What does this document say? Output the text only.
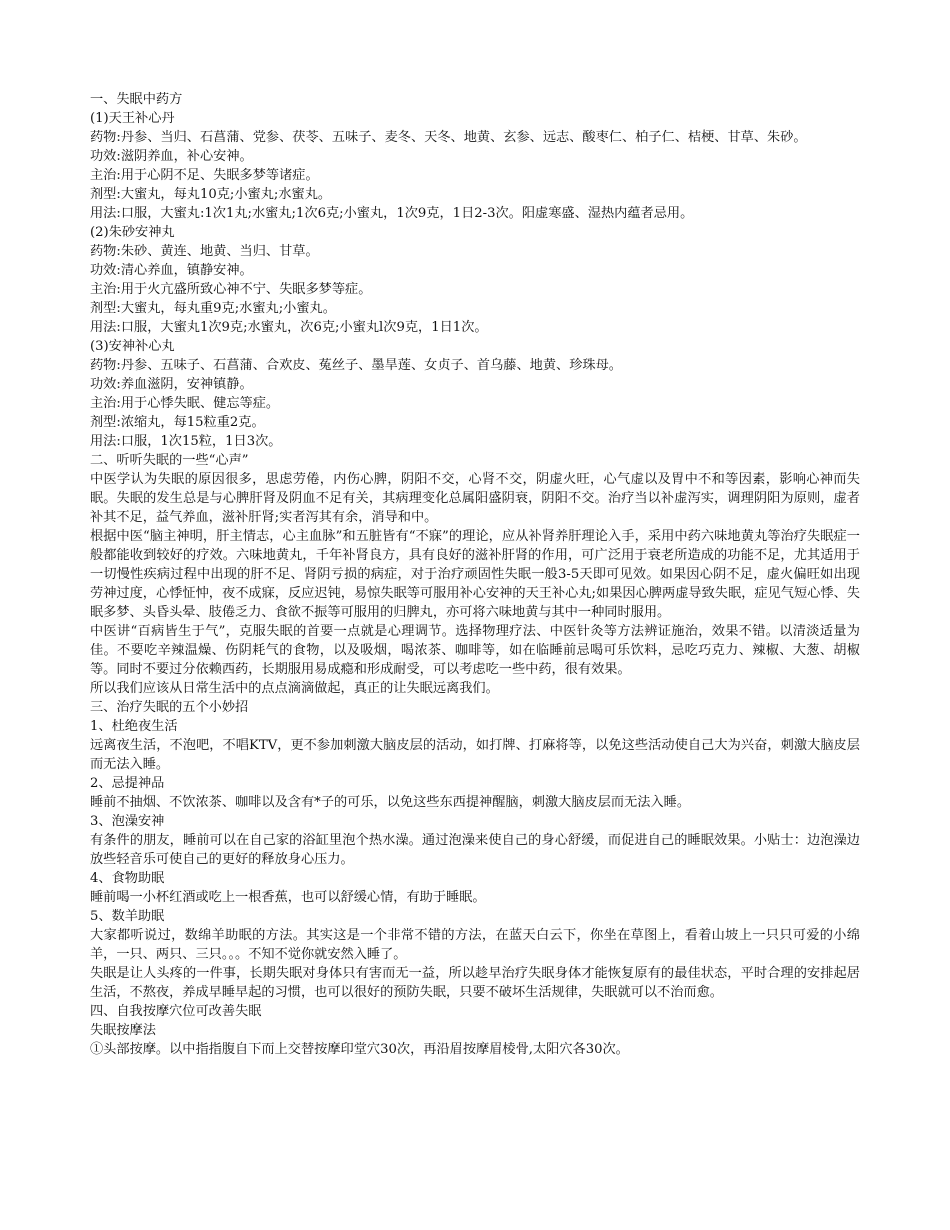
一、失眠中药方

(1)天王补心丹

药物:丹参、当归、石菖蒲、党参、茯苓、五味子、麦冬、天冬、地黄、玄参、远志、酸枣仁、柏子仁、桔梗、甘草、朱砂。

功效:滋阴养血，补心安神。

主治:用于心阴不足、失眠多梦等诸症。

剂型:大蜜丸，每丸10克;小蜜丸;水蜜丸。

用法:口服，大蜜丸:1次1丸;水蜜丸;1次6克;小蜜丸，1次9克，1日2-3次。阳虚寒盛、湿热内蕴者忌用。

(2)朱砂安神丸

药物:朱砂、黄连、地黄、当归、甘草。

功效:清心养血，镇静安神。

主治:用于火亢盛所致心神不宁、失眠多梦等症。

剂型:大蜜丸，每丸重9克;水蜜丸;小蜜丸。

用法:口服，大蜜丸1次9克;水蜜丸，次6克;小蜜丸l次9克，1日1次。

(3)安神补心丸

药物:丹参、五味子、石菖蒲、合欢皮、菟丝子、墨旱莲、女贞子、首乌藤、地黄、珍珠母。

功效:养血滋阴，安神镇静。

主治:用于心悸失眠、健忘等症。

剂型:浓缩丸，每15粒重2克。

用法:口服，1次15粒，1日3次。

二、听听失眠的一些“心声”

中医学认为失眠的原因很多，思虑劳倦，内伤心脾，阴阳不交，心肾不交，阴虚火旺，心气虚以及胃中不和等因素，影响心神而失眠。失眠的发生总是与心脾肝肾及阴血不足有关，其病理变化总属阳盛阴衰，阴阳不交。治疗当以补虚泻实，调理阴阳为原则，虚者补其不足，益气养血，滋补肝肾;实者泻其有余，消导和中。

根据中医“脑主神明，肝主情志，心主血脉”和五脏皆有“不寐”的理论，应从补肾养肝理论入手，采用中药六味地黄丸等治疗失眠症一般都能收到较好的疗效。六味地黄丸，千年补肾良方，具有良好的滋补肝肾的作用，可广泛用于衰老所造成的功能不足，尤其适用于一切慢性疾病过程中出现的肝不足、肾阴亏损的病症，对于治疗顽固性失眠一般3-5天即可见效。如果因心阴不足，虚火偏旺如出现劳神过度，心悸怔忡，夜不成寐，反应迟钝，易惊失眠等可服用补心安神的天王补心丸;如果因心脾两虚导致失眠，症见气短心悸、失眠多梦、头昏头晕、肢倦乏力、食欲不振等可服用的归脾丸，亦可将六味地黄与其中一种同时服用。

中医讲“百病皆生于气”，克服失眠的首要一点就是心理调节。选择物理疗法、中医针灸等方法辨证施治，效果不错。以清淡适量为佳。不要吃辛辣温燥、伤阴耗气的食物，以及吸烟，喝浓茶、咖啡等，如在临睡前忌喝可乐饮料，忌吃巧克力、辣椒、大葱、胡椒等。同时不要过分依赖西药，长期服用易成瘾和形成耐受，可以考虑吃一些中药，很有效果。

所以我们应该从日常生活中的点点滴滴做起，真正的让失眠远离我们。

三、治疗失眠的五个小妙招

1、杜绝夜生活

远离夜生活，不泡吧，不唱KTV，更不参加刺激大脑皮层的活动，如打牌、打麻将等，以免这些活动使自己大为兴奋，刺激大脑皮层而无法入睡。

2、忌提神品

睡前不抽烟、不饮浓茶、咖啡以及含有*子的可乐，以免这些东西提神醒脑，刺激大脑皮层而无法入睡。

3、泡澡安神

有条件的朋友，睡前可以在自己家的浴缸里泡个热水澡。通过泡澡来使自己的身心舒缓，而促进自己的睡眠效果。小贴士：边泡澡边放些轻音乐可使自己的更好的释放身心压力。

4、食物助眠

睡前喝一小杯红酒或吃上一根香蕉，也可以舒缓心情，有助于睡眠。

5、数羊助眠

大家都听说过，数绵羊助眠的方法。其实这是一个非常不错的方法，在蓝天白云下，你坐在草图上，看着山坡上一只只可爱的小绵羊，一只、两只、三只。。。不知不觉你就安然入睡了。

失眠是让人头疼的一件事，长期失眠对身体只有害而无一益，所以趁早治疗失眠身体才能恢复原有的最佳状态，平时合理的安排起居生活，不熬夜，养成早睡早起的习惯，也可以很好的预防失眠，只要不破坏生活规律，失眠就可以不治而愈。

四、自我按摩穴位可改善失眠

失眠按摩法

①头部按摩。以中指指腹自下而上交替按摩印堂穴30次，再沿眉按摩眉棱骨,太阳穴各30次。
